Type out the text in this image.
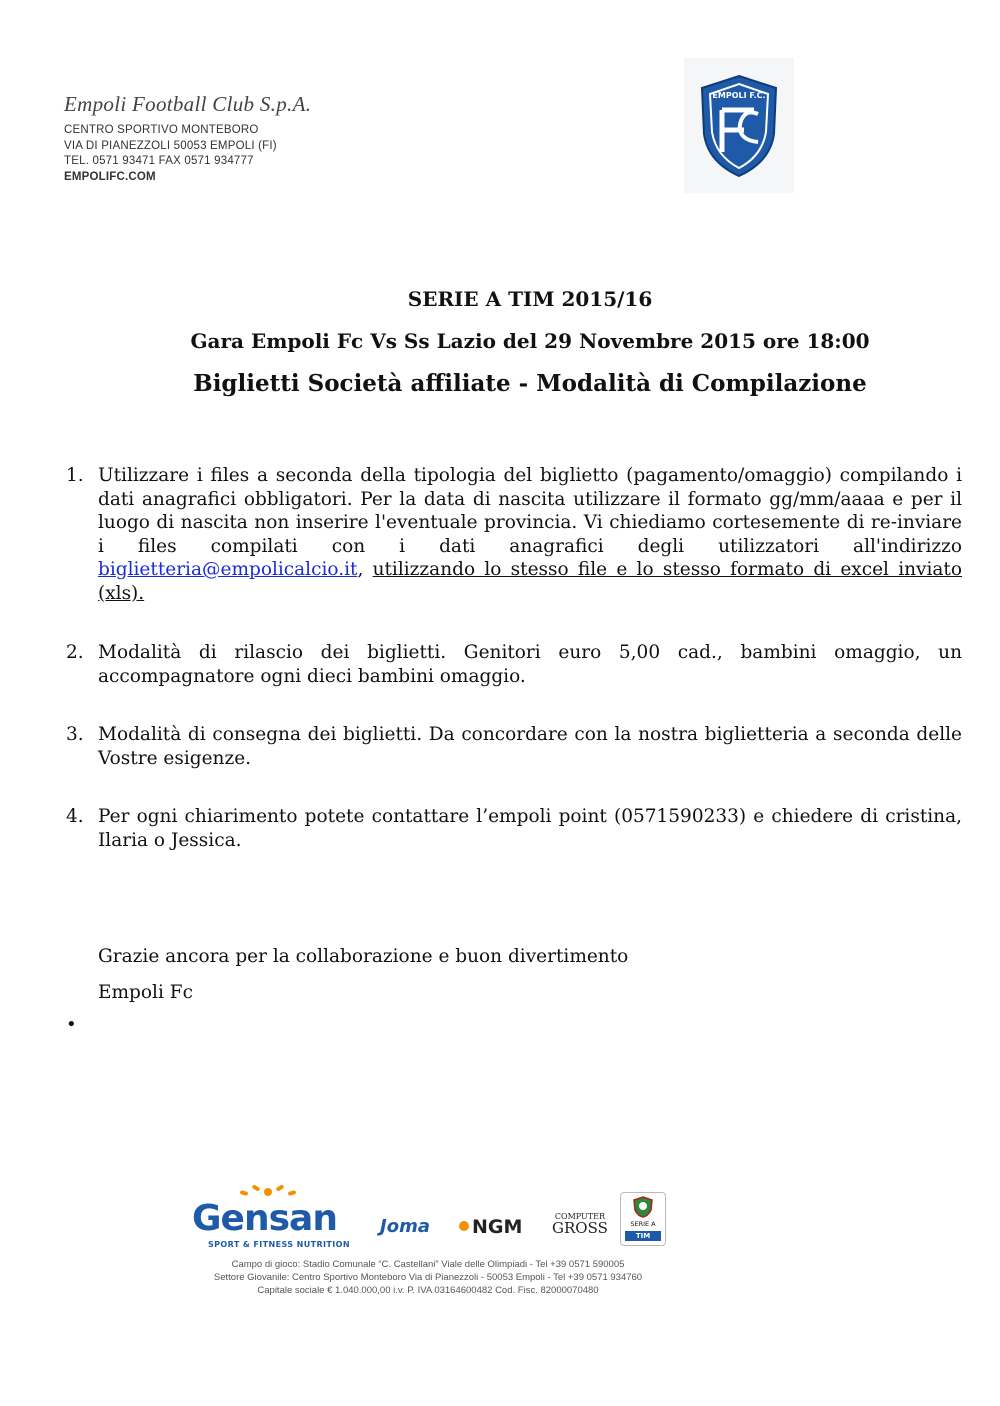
Empoli Football Club S.p.A.
CENTRO SPORTIVO MONTEBORO
VIA DI PIANEZZOLI 50053 EMPOLI (FI)
TEL. 0571 93471 FAX 0571 934777
EMPOLIFC.COM
EMPOLI F.C.
SERIE A TIM 2015/16
Gara Empoli Fc Vs Ss Lazio del 29 Novembre 2015 ore 18:00
Biglietti Società affiliate - Modalità di Compilazione
1. Utilizzare i files a seconda della tipologia del biglietto (pagamento/omaggio) compilando i dati anagrafici obbligatori. Per la data di nascita utilizzare il formato gg/mm/aaaa e per il luogo di nascita non inserire l'eventuale provincia. Vi chiediamo cortesemente di re-inviare i files compilati con i dati anagrafici degli utilizzatori all'indirizzo biglietteria@empolicalcio.it, utilizzando lo stesso file e lo stesso formato di excel inviato (xls).
2. Modalità di rilascio dei biglietti. Genitori euro 5,00 cad., bambini omaggio, un accompagnatore ogni dieci bambini omaggio.
3. Modalità di consegna dei biglietti. Da concordare con la nostra biglietteria a seconda delle Vostre esigenze.
4. Per ogni chiarimento potete contattare l’empoli point (0571590233) e chiedere di cristina, Ilaria o Jessica.
Grazie ancora per la collaborazione e buon divertimento
Empoli Fc
•
Gensan
SPORT & FITNESS NUTRITION
Joma NGM	COMPUTER
GROSS	SERIE A
TIM
Campo di gioco: Stadio Comunale “C. Castellani” Viale delle Olimpiadi - Tel +39 0571 590005
Settore Giovanile: Centro Sportivo Monteboro Via di Pianezzoli - 50053 Empoli - Tel +39 0571 934760
Capitale sociale € 1.040.000,00 i.v. P. IVA 03164600482 Cod. Fisc. 82000070480
